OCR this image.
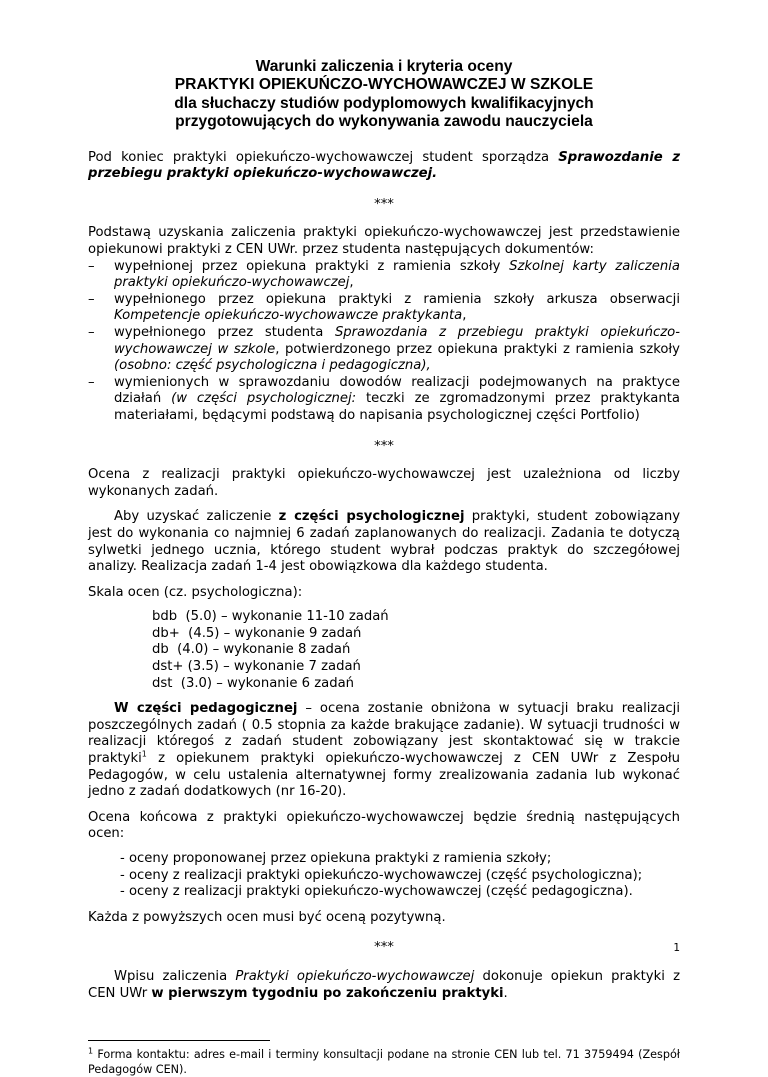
Warunki zaliczenia i kryteria oceny
PRAKTYKI OPIEKUŃCZO-WYCHOWAWCZEJ W SZKOLE
dla słuchaczy studiów podyplomowych kwalifikacyjnych
przygotowujących do wykonywania zawodu nauczyciela

Pod koniec praktyki opiekuńczo-wychowawczej student sporządza Sprawozdanie z przebiegu praktyki opiekuńczo-wychowawczej.

***

Podstawą uzyskania zaliczenia praktyki opiekuńczo-wychowawczej jest przedstawienie opiekunowi praktyki z CEN UWr. przez studenta następujących dokumentów:

– wypełnionej przez opiekuna praktyki z ramienia szkoły Szkolnej karty zaliczenia praktyki opiekuńczo-wychowawczej,
– wypełnionego przez opiekuna praktyki z ramienia szkoły arkusza obserwacji Kompetencje opiekuńczo-wychowawcze praktykanta,
– wypełnionego przez studenta Sprawozdania z przebiegu praktyki opiekuńczo-wychowawczej w szkole, potwierdzonego przez opiekuna praktyki z ramienia szkoły (osobno: część psychologiczna i pedagogiczna),
– wymienionych w sprawozdaniu dowodów realizacji podejmowanych na praktyce działań (w części psychologicznej: teczki ze zgromadzonymi przez praktykanta materiałami, będącymi podstawą do napisania psychologicznej części Portfolio)
***

Ocena z realizacji praktyki opiekuńczo-wychowawczej jest uzależniona od liczby wykonanych zadań.

Aby uzyskać zaliczenie z części psychologicznej praktyki, student zobowiązany jest do wykonania co najmniej 6 zadań zaplanowanych do realizacji. Zadania te dotyczą sylwetki jednego ucznia, którego student wybrał podczas praktyk do szczegółowej analizy. Realizacja zadań 1-4 jest obowiązkowa dla każdego studenta.

Skala ocen (cz. psychologiczna):

bdb  (5.0) – wykonanie 11-10 zadań
db+  (4.5) – wykonanie 9 zadań
db  (4.0) – wykonanie 8 zadań
dst+ (3.5) – wykonanie 7 zadań
dst  (3.0) – wykonanie 6 zadań

W części pedagogicznej – ocena zostanie obniżona w sytuacji braku realizacji poszczególnych zadań ( 0.5 stopnia za każde brakujące zadanie). W sytuacji trudności w realizacji któregoś z zadań student zobowiązany jest skontaktować się w trakcie praktyki$^1$ z opiekunem praktyki opiekuńczo-wychowawczej z CEN UWr z Zespołu Pedagogów, w celu ustalenia alternatywnej formy zrealizowania zadania lub wykonać jedno z zadań dodatkowych (nr 16-20).

Ocena końcowa z praktyki opiekuńczo-wychowawczej będzie średnią następujących ocen:

- oceny proponowanej przez opiekuna praktyki z ramienia szkoły;
- oceny z realizacji praktyki opiekuńczo-wychowawczej (część psychologiczna);
- oceny z realizacji praktyki opiekuńczo-wychowawczej (część pedagogiczna).

Każda z powyższych ocen musi być oceną pozytywną.

***

Wpisu zaliczenia Praktyki opiekuńczo-wychowawczej dokonuje opiekun praktyki z CEN UWr w pierwszym tygodniu po zakończeniu praktyki.

$^1$ Forma kontaktu: adres e-mail i terminy konsultacji podane na stronie CEN lub tel. 71 3759494 (Zespół Pedagogów CEN).

1
